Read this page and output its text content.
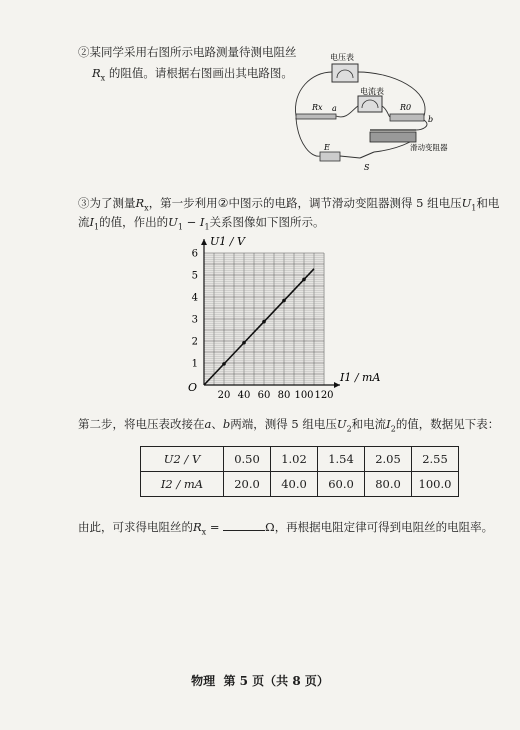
②某同学采用右图所示电路测量待测电阻丝
$R_x$ 的阻值。请根据右图画出其电路图。
电压表
电流表
Rx a	R0
b
滑动变阻器
E
S
③为了测量$R_x$，第一步利用②中图示的电路，调节滑动变阻器测得 5 组电压$U_1$和电
流$I_1$的值，作出的$U_1 - I_1$关系图像如下图所示。
20 40 60 80 100 120
1
2
3
4
5
6
U1 / V
I1 / mA
O
第二步，将电压表改接在a、b两端，测得 5 组电压$U_2$和电流$I_2$的值，数据见下表：
U2 / V	0.50	1.02	1.54	2.05	2.55
I2 / mA	20.0	40.0	60.0	80.0	100.0
由此，可求得电阻丝的$R_x$ =	Ω，再根据电阻定律可得到电阻丝的电阻率。
物理 第 5 页（共 8 页）
